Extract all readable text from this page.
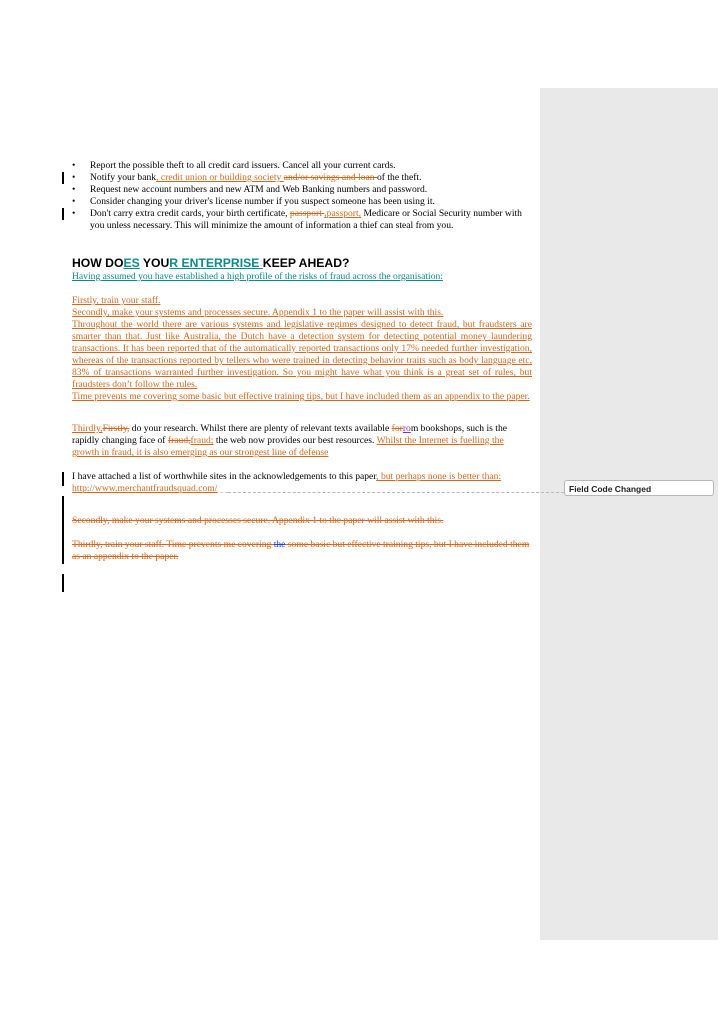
Field Code Changed
• Report the possible theft to all credit card issuers. Cancel all your current cards.
• Notify your bank, credit union or building society and/or savings and loan of the theft.
• Request new account numbers and new ATM and Web Banking numbers and password.
• Consider changing your driver's license number if you suspect someone has been using it.
• Don't carry extra credit cards, your birth certificate, passport ,passport, Medicare or Social Security number with you unless necessary. This will minimize the amount of information a thief can steal from you.
HOW DOES YOUR ENTERPRISE KEEP AHEAD?
Having assumed you have established a high profile of the risks of fraud across the organisation:
Firstly, train your staff.
Secondly, make your systems and processes secure. Appendix 1 to the paper will assist with this.
Throughout the world there are various systems and legislative regimes designed to detect fraud, but fraudsters are smarter than that. Just like Australia, the Dutch have a detection system for detecting potential money laundering transactions. It has been reported that of the automatically reported transactions only 17% needed further investigation, whereas of the transactions reported by tellers who were trained in detecting behavior traits such as body language etc, 83% of transactions warranted further investigation. So you might have what you think is a great set of rules, but fraudsters don’t follow the rules.
Time prevents me covering some basic but effective training tips, but I have included them as an appendix to the paper.
Thirdly,Firstly, do your research. Whilst there are plenty of relevant texts available forrom bookshops, such is the rapidly changing face of fraud,fraud; the web now provides our best resources. Whilst the Internet is fuelling the growth in fraud, it is also emerging as our strongest line of defense
I have attached a list of worthwhile sites in the acknowledgements to this paper, but perhaps none is better than:
http://www.merchantfraudsquad.com/
Secondly, make your systems and processes secure. Appendix 1 to the paper will assist with this.
Thirdly, train your staff. Time prevents me covering the some basic but effective training tips, but I have included them as an appendix to the paper.
